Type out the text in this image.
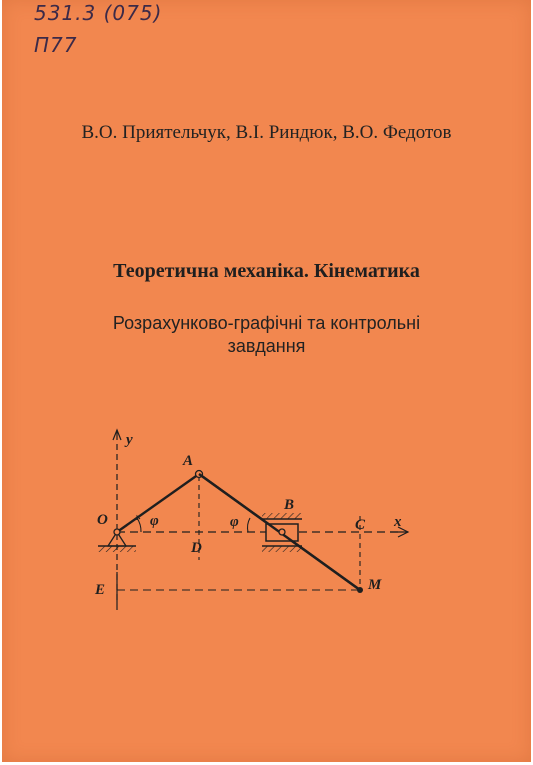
531.3 (075)
П77
В.О. Приятельчук, В.І. Риндюк, В.О. Федотов
Теоретична механіка. Кінематика
Розрахунково-графічні та контрольні
завдання
y
x
A
B
C
D
E	M
O	φ	φ
